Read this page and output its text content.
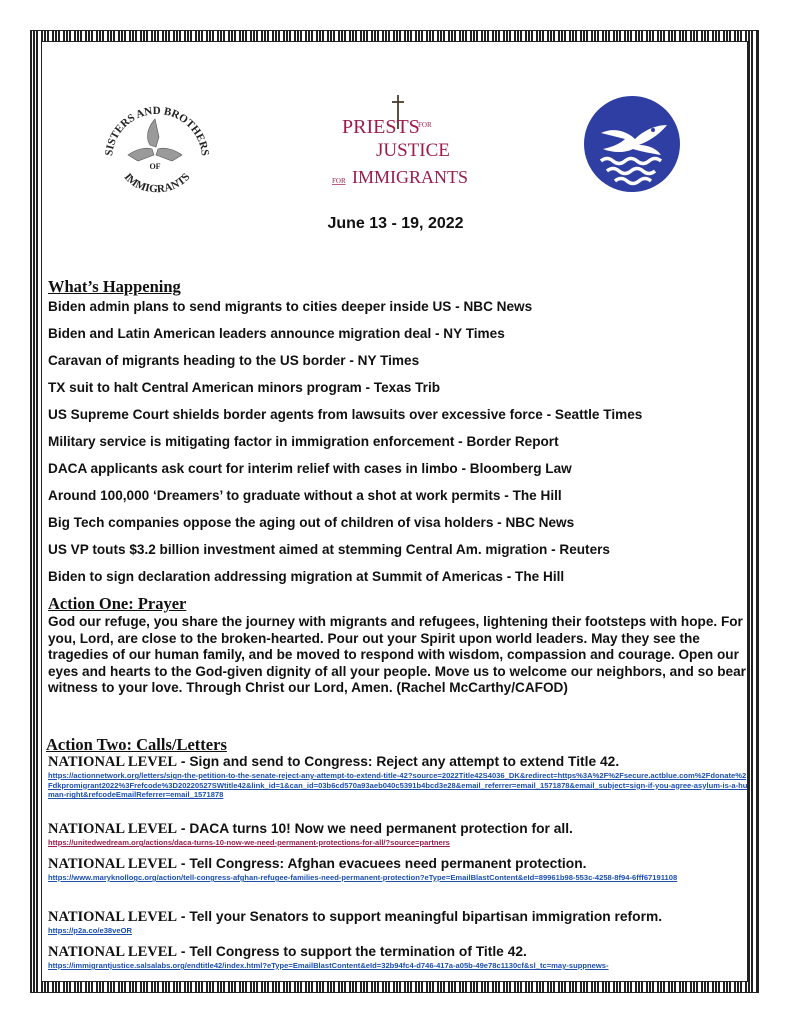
SISTERS AND BROTHERS
IMMIGRANTS
OF
PRIESTS
FOR
JUSTICE
FOR IMMIGRANTS
June 13 - 19, 2022
What’s Happening
Biden admin plans to send migrants to cities deeper inside US - NBC News
Biden and Latin American leaders announce migration deal - NY Times
Caravan of migrants heading to the US border - NY Times
TX suit to halt Central American minors program - Texas Trib
US Supreme Court shields border agents from lawsuits over excessive force - Seattle Times
Military service is mitigating factor in immigration enforcement - Border Report
DACA applicants ask court for interim relief with cases in limbo - Bloomberg Law
Around 100,000 ‘Dreamers’ to graduate without a shot at work permits - The Hill
Big Tech companies oppose the aging out of children of visa holders - NBC News
US VP touts $3.2 billion investment aimed at stemming Central Am. migration - Reuters
Biden to sign declaration addressing migration at Summit of Americas - The Hill
Action One: Prayer
God our refuge, you share the journey with migrants and refugees, lightening their footsteps with hope. For you, Lord, are close to the broken-hearted. Pour out your Spirit upon world leaders. May they see the tragedies of our human family, and be moved to respond with wisdom, compassion and courage. Open our eyes and hearts to the God-given dignity of all your people. Move us to welcome our neighbors, and so bear witness to your love. Through Christ our Lord, Amen. (Rachel McCarthy/CAFOD)
Action Two: Calls/Letters
NATIONAL LEVEL - Sign and send to Congress: Reject any attempt to extend Title 42.
https://actionnetwork.org/letters/sign-the-petition-to-the-senate-reject-any-attempt-to-extend-title-42?source=2022Title42S4036_DK&redirect=https%3A%2F%2Fsecure.actblue.com%2Fdonate%2Fdkpromigrant2022%3Frefcode%3D20220527SWtitle42&link_id=1&can_id=03b6cd570a93aeb040c5391b4bcd3e28&email_referrer=email_1571878&email_subject=sign-if-you-agree-asylum-is-a-human-right&refcodeEmailReferrer=email_1571878
NATIONAL LEVEL - DACA turns 10! Now we need permanent protection for all.
https://unitedwedream.org/actions/daca-turns-10-now-we-need-permanent-protections-for-all/?source=partners
NATIONAL LEVEL - Tell Congress: Afghan evacuees need permanent protection.
https://www.maryknollogc.org/action/tell-congress-afghan-refugee-families-need-permanent-protection?eType=EmailBlastContent&eId=89961b98-553c-4258-8f94-6fff67191108
NATIONAL LEVEL - Tell your Senators to support meaningful bipartisan immigration reform.
https://p2a.co/e38veOR
NATIONAL LEVEL - Tell Congress to support the termination of Title 42.
https://immigrantjustice.salsalabs.org/endtitle42/index.html?eType=EmailBlastContent&eId=32b94fc4-d746-417a-a05b-49e78c1130cf&sl_tc=may-suppnews-
